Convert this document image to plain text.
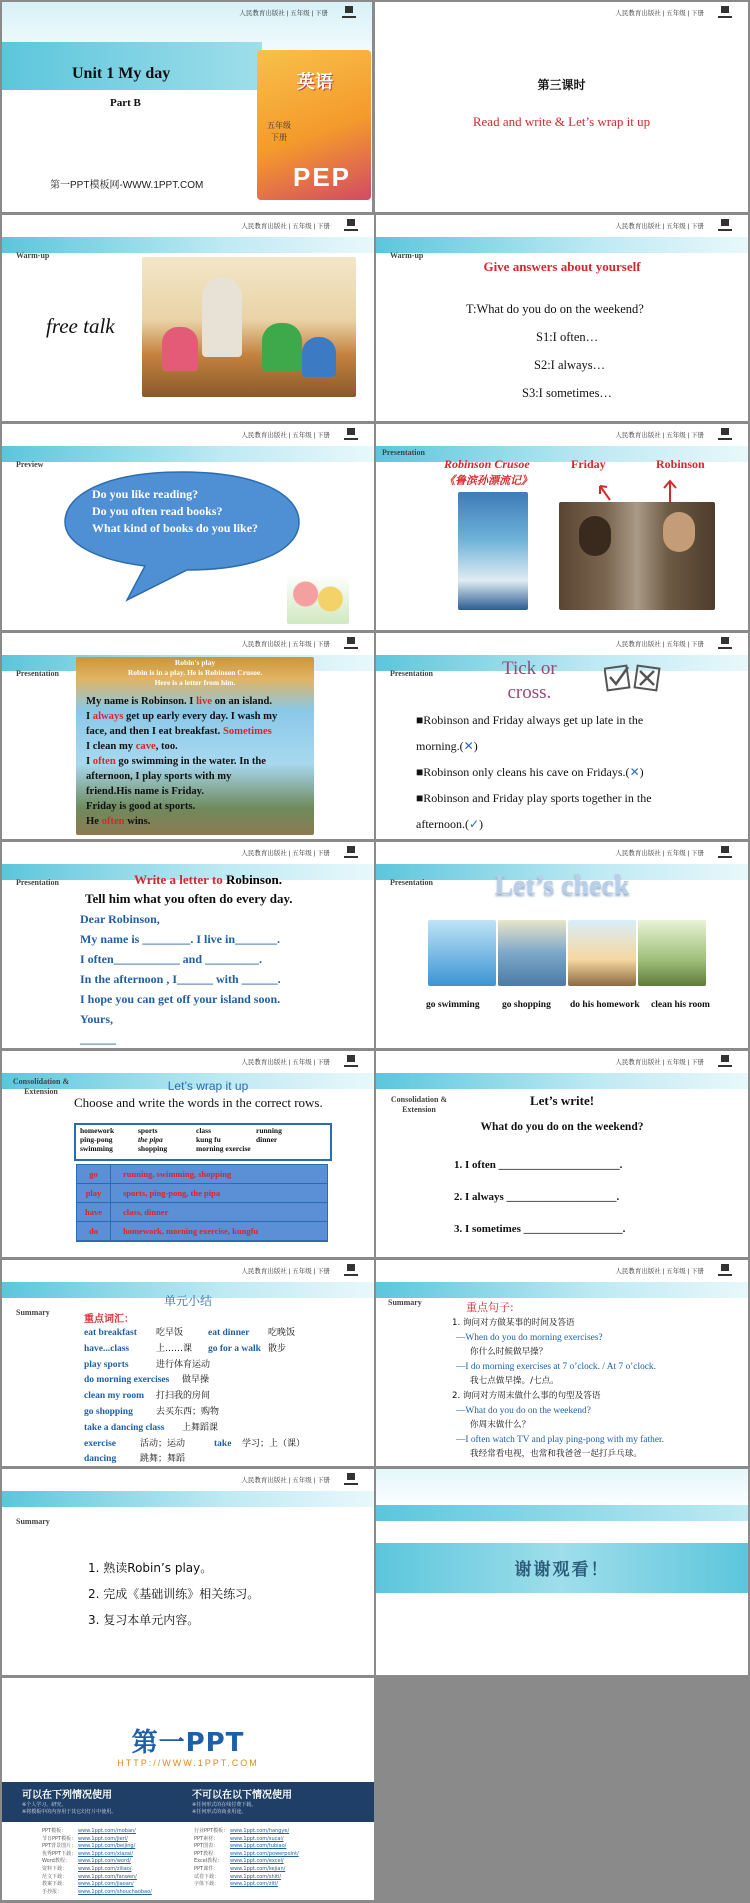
人民教育出版社 | 五年级 | 下册
Unit 1 My day
Part B
第一PPT模板网-WWW.1PPT.COM
英语
五年级
下册
PEP
人民教育出版社 | 五年级 | 下册
第三课时
Read and write & Let’s wrap it up
人民教育出版社 | 五年级 | 下册
Warm-up
free talk
人民教育出版社 | 五年级 | 下册
Warm-up
Give answers about yourself
T:What do you do on the weekend?
S1:I often…
S2:I always…
S3:I sometimes…
人民教育出版社 | 五年级 | 下册
Preview
Do you like reading?
Do you often read books?
What kind of books do you like?
人民教育出版社 | 五年级 | 下册
Presentation
Robinson Crusoe
《鲁滨孙漂流记》
Friday	Robinson
人民教育出版社 | 五年级 | 下册
Presentation
Robin's play
Robin is in a play. He is Robinson Crusoe.
Here is a letter from him.
My name is Robinson. I live on an island.
I always get up early every day. I wash my
face, and then I eat breakfast. Sometimes
I clean my cave, too.
I often go swimming in the water. In the
afternoon, I play sports with my
friend.His name is Friday.
Friday is good at sports.
He often wins.
人民教育出版社 | 五年级 | 下册
Presentation	Tick or
cross.
■Robinson and Friday always get up late in the
morning.(✕)
■Robinson only cleans his cave on Fridays.(✕)
■Robinson and Friday play sports together in the
afternoon.(✓)
人民教育出版社 | 五年级 | 下册
Presentation	Write a letter to Robinson.
Tell him what you often do every day.
Dear Robinson,
My name is ________. I live in_______.
I often___________ and _________.
In the afternoon , I______ with ______.
I hope you can get off your island soon.
Yours,
______
人民教育出版社 | 五年级 | 下册
Presentation	Let’s check
go swimming go shopping do his homework clean his room
人民教育出版社 | 五年级 | 下册
Consolidation & Extension	Let’s wrap it up
Choose and write the words in the correct rows.
homework	sports	class	running
ping-pong	the pipa	kung fu	dinner
swimming	shopping	morning exercise
go	running, swimming, shopping
play	sports, ping-pong, the pipa
have	class, dinner
do	homework, morning exercise, kungfu
人民教育出版社 | 五年级 | 下册
Consolidation & Extension
Let’s write!
What do you do on the weekend?
1. I often ______________________.
2. I always ____________________.
3. I sometimes __________________.
人民教育出版社 | 五年级 | 下册
Summary
单元小结
重点词汇：
eat breakfast 吃早饭	eat dinner 吃晚饭
have...class	上……课 go for a walk 散步
play sports	进行体育运动
do morning exercises 做早操
clean my room 打扫我的房间
go shopping	去买东西；购物
take a dancing class 上舞蹈课
exercise	活动；运动	take 学习；上（课）
dancing	跳舞；舞蹈
人民教育出版社 | 五年级 | 下册
Summary	重点句子:
1. 询问对方做某事的时间及答语
—When do you do morning exercises?
你什么时候做早操？
—I do morning exercises at 7 o’clock. / At 7 o’clock.
我七点做早操。/七点。
2. 询问对方周末做什么事的句型及答语
—What do you do on the weekend?
你周末做什么？
—I often watch TV and play ping-pong with my father.
我经常看电视，也常和我爸爸一起打乒乓球。
人民教育出版社 | 五年级 | 下册
Summary
1. 熟读Robin’s play。
2. 完成《基础训练》相关练习。
3. 复习本单元内容。
谢谢观看！
第一PPT
HTTP://WWW.1PPT.COM
可以在下列情况使用	不可以在以下情况使用
※个人学习、研究。
※将模板中的内容用于其它幻灯片中使用。
※任何形式的在线付费下载。
※任何形式的商业用途。
PPT模板： www.1ppt.com/moban/
节日PPT模板： www.1ppt.com/jieri/
PPT背景图片： www.1ppt.com/beijing/
优秀PPT下载： www.1ppt.com/xiazai/
Word教程： www.1ppt.com/word/
资料下载： www.1ppt.com/ziliao/
范文下载： www.1ppt.com/fanwen/
教案下载： www.1ppt.com/jiaoan/
手抄报：	www.1ppt.com/shouchaobao/
行业PPT模板： www.1ppt.com/hangye/
PPT素材： www.1ppt.com/sucai/
PPT图表： www.1ppt.com/tubiao/
PPT教程： www.1ppt.com/powerpoint/
Excel教程： www.1ppt.com/excel/
PPT课件： www.1ppt.com/kejian/
试卷下载： www.1ppt.com/shiti/
字体下载： www.1ppt.com/ziti/
